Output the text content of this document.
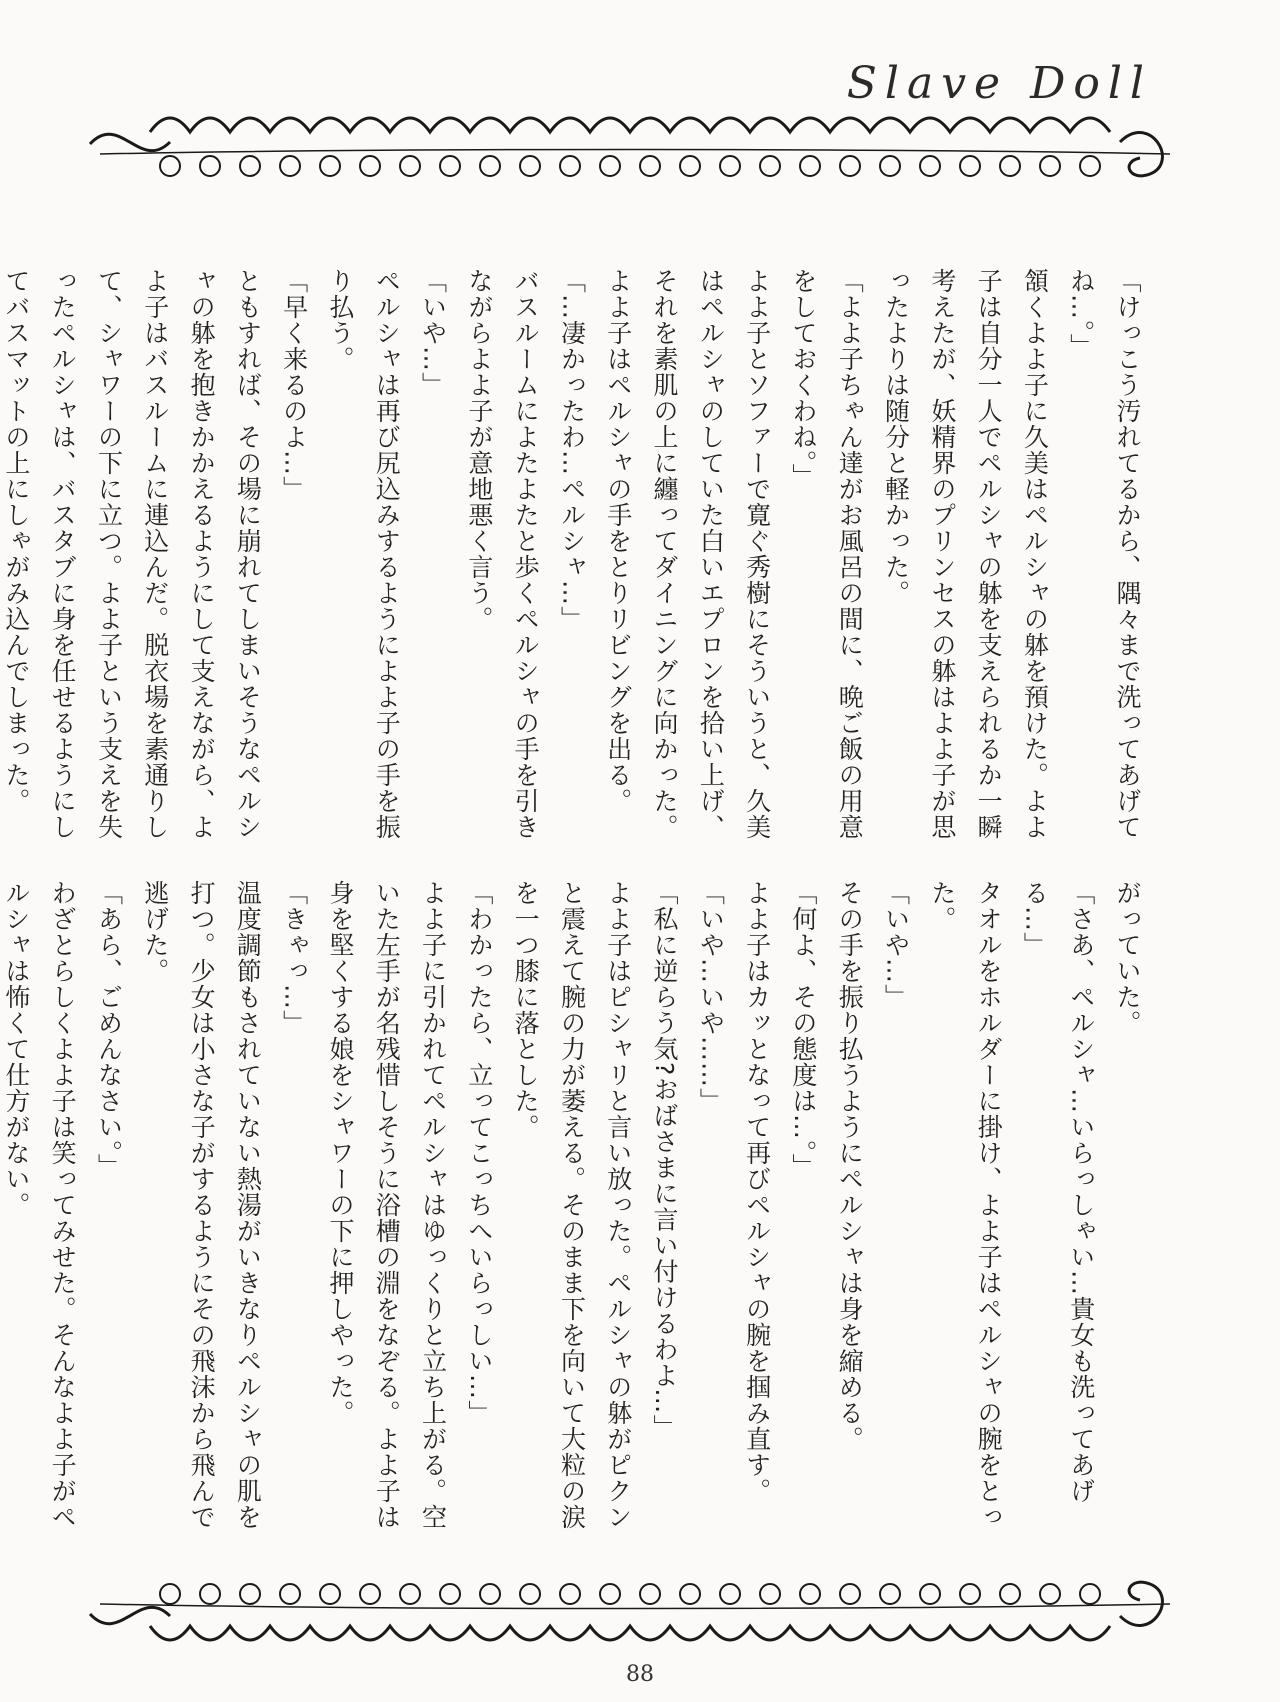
Slave Doll

「けっこう汚れてるから、隅々まで洗ってあげてね…。」

頷くよよ子に久美はペルシャの躰を預けた。よよ子は自分一人でペルシャの躰を支えられるか一瞬考えたが、妖精界のプリンセスの躰はよよ子が思ったよりは随分と軽かった。

「よよ子ちゃん達がお風呂の間に、晩ご飯の用意をしておくわね。」

よよ子とソファーで寛ぐ秀樹にそういうと、久美はペルシャのしていた白いエプロンを拾い上げ、それを素肌の上に纏ってダイニングに向かった。よよ子はペルシャの手をとりリビングを出る。

「…凄かったわ…ペルシャ…」

バスルームによたよたと歩くペルシャの手を引きながらよよ子が意地悪く言う。

「いや…」

ペルシャは再び尻込みするようによよ子の手を振り払う。

「早く来るのよ…」

ともすれば、その場に崩れてしまいそうなペルシャの躰を抱きかかえるようにして支えながら、よよ子はバスルームに連込んだ。脱衣場を素通りして、シャワーの下に立つ。よよ子という支えを失ったペルシャは、バスタブに身を任せるようにしてバスマットの上にしゃがみ込んでしまった。

がっていた。

「さあ、ペルシャ…いらっしゃい…貴女も洗ってあげる…」

タオルをホルダーに掛け、よよ子はペルシャの腕をとった。

「いや…」

その手を振り払うようにペルシャは身を縮める。

「何よ、その態度は…。」

よよ子はカッとなって再びペルシャの腕を掴み直す。

「いや…いや……」

「私に逆らう気?おばさまに言い付けるわよ…」

よよ子はピシャリと言い放った。ペルシャの躰がピクンと震えて腕の力が萎える。そのまま下を向いて大粒の涙を一つ膝に落とした。

「わかったら、立ってこっちへいらっしい…」

よよ子に引かれてペルシャはゆっくりと立ち上がる。空いた左手が名残惜しそうに浴槽の淵をなぞる。よよ子は身を堅くする娘をシャワーの下に押しやった。

「きゃっ…」

温度調節もされていない熱湯がいきなりペルシャの肌を打つ。少女は小さな子がするようにその飛沫から飛んで逃げた。

「あら、ごめんなさい。」

わざとらしくよよ子は笑ってみせた。そんなよよ子がペルシャは怖くて仕方がない。

88
